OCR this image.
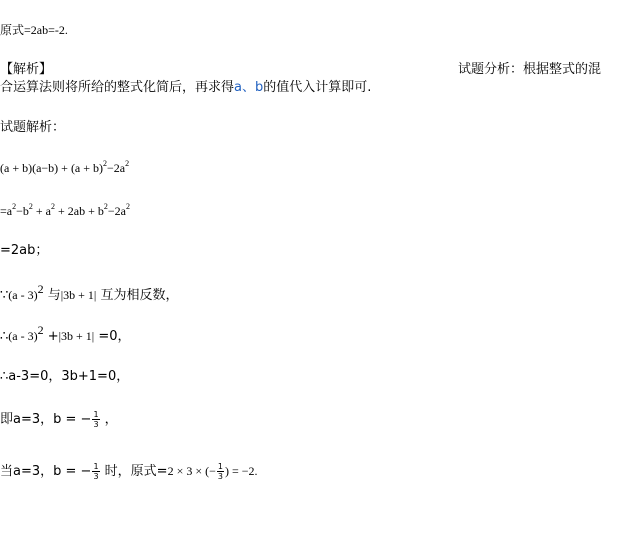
原式=2ab=-2.
【解析】	试题分析：根据整式的混
合运算法则将所给的整式化简后，再求得a、b的值代入计算即可.
试题解析：
$(a + b)(a-b) + (a + b)^2-2a^2$
$=a^2-b^2 + a^2 + 2ab + b^2-2a^2$
=2ab；
∵(a - 3)$^2$ 与|3b + 1| 互为相反数，
∴(a - 3)$^2$ +|3b + 1| =0，
∴a-3=0，3b+1=0，
即a=3，b = − $\frac{1}{3}$ ，
当a=3，b = − $\frac{1}{3}$ 时，原式=2 × 3 × (− $\frac{1}{3}$ ) = −2.
